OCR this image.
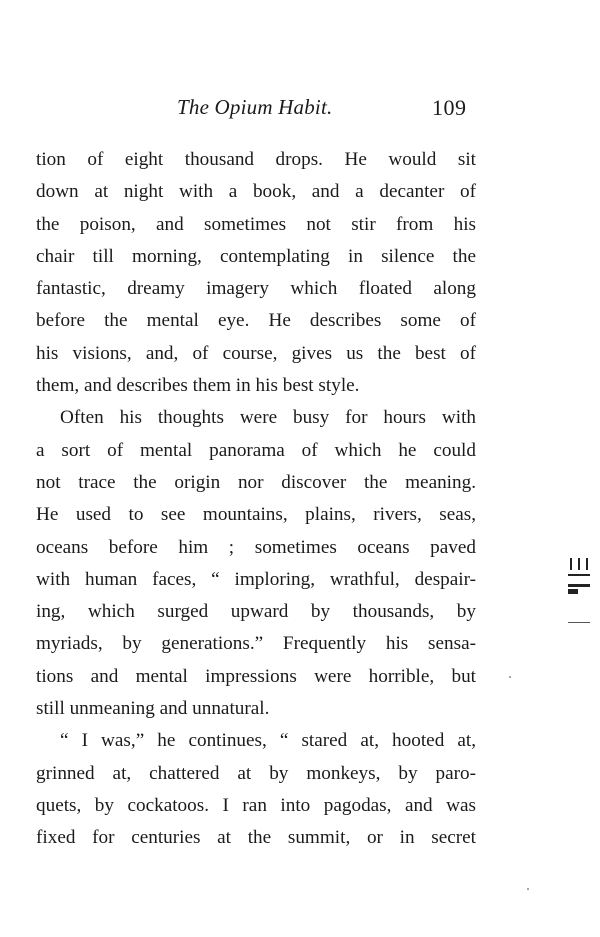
The Opium Habit.	109
tion of eight thousand drops. He would sit
down at night with a book, and a decanter of
the poison, and sometimes not stir from his
chair till morning, contemplating in silence the
fantastic, dreamy imagery which floated along
before the mental eye. He describes some of
his visions, and, of course, gives us the best of
them, and describes them in his best style.
Often his thoughts were busy for hours with
a sort of mental panorama of which he could
not trace the origin nor discover the meaning.
He used to see mountains, plains, rivers, seas,
oceans before him ; sometimes oceans paved
with human faces, “ imploring, wrathful, despair-
ing, which surged upward by thousands, by
myriads, by generations.” Frequently his sensa-
tions and mental impressions were horrible, but
still unmeaning and unnatural.
“ I was,” he continues, “ stared at, hooted at,
grinned at, chattered at by monkeys, by paro-
quets, by cockatoos. I ran into pagodas, and was
fixed for centuries at the summit, or in secret
